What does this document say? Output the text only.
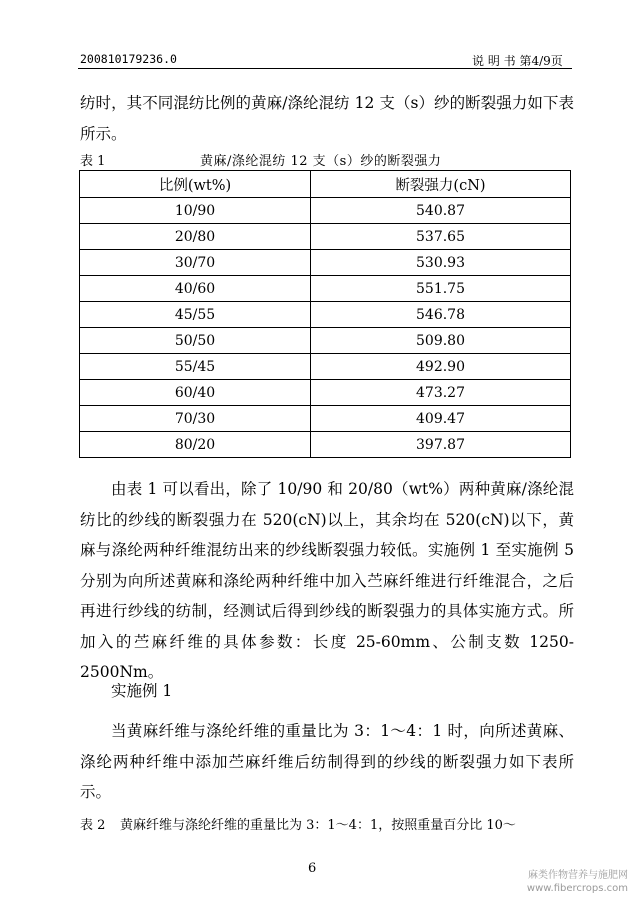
200810179236.0	说 明 书 第4/9页

纺时，其不同混纺比例的黄麻/涤纶混纺 12 支（s）纱的断裂强力如下表所示。

表 1	黄麻/涤纶混纺 12 支（s）纱的断裂强力
比例(wt%)	断裂强力(cN)
10/90	540.87
20/80	537.65
30/70	530.93
40/60	551.75
45/55	546.78
50/50	509.80
55/45	492.90
60/40	473.27
70/30	409.47
80/20	397.87

由表 1 可以看出，除了 10/90 和 20/80（wt%）两种黄麻/涤纶混纺比的纱线的断裂强力在 520(cN)以上，其余均在 520(cN)以下，黄麻与涤纶两种纤维混纺出来的纱线断裂强力较低。实施例 1 至实施例 5 分别为向所述黄麻和涤纶两种纤维中加入苎麻纤维进行纤维混合，之后再进行纱线的纺制，经测试后得到纱线的断裂强力的具体实施方式。所加入的苎麻纤维的具体参数：长度 25-60mm、公制支数 1250-2500Nm。

实施例 1

当黄麻纤维与涤纶纤维的重量比为 3：1～4：1 时，向所述黄麻、涤纶两种纤维中添加苎麻纤维后纺制得到的纱线的断裂强力如下表所示。

表 2 黄麻纤维与涤纶纤维的重量比为 3：1～4：1，按照重量百分比 10～
6	麻类作物营养与施肥网
www.fibercrops.com
